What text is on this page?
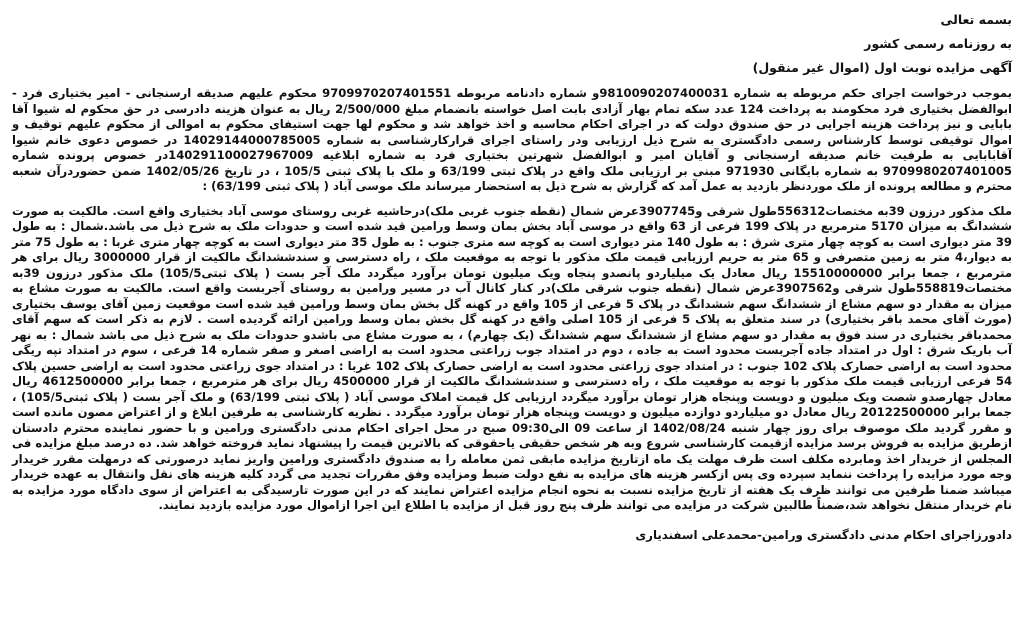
بسمه تعالی
به روزنامه رسمی کشور
آگهی مزایده نوبت اول (اموال غیر منقول)
بموجب درخواست اجرای حکم مربوطه به شماره 9810090207400031و شماره دادنامه مربوطه 9709970207401551 محکوم علیهم صدیقه ارسنجانی - امیر بختیاری فرد - ابوالفضل بختیاری فرد محکومند به پرداخت 124 عدد سکه تمام بهار آزادی بابت اصل خواسته بانضمام مبلغ 2/500/000 ریال به عنوان هزینه دادرسی در حق محکوم له شیوا آقا بابایی و نیز پرداخت هزینه اجرایی در حق صندوق دولت که در اجرای احکام محاسبه و اخذ خواهد شد و محکوم لها جهت استیفای محکوم به اموالی از محکوم علیهم توقیف و اموال توقیفی توسط کارشناس رسمی دادگستری به شرح ذیل ارزیابی ودر راستای اجرای قرارکارشناسی به شماره 14029144000785005 در خصوص دعوی خانم شیوا آقابابایی به طرفیت خانم صدیقه ارسنجانی و آقایان امیر و ابوالفضل شهرتین بختیاری فرد به شماره ابلاغیه 140291100027967009در خصوص پرونده شماره 9709980207401005 به شماره بایگانی 971930 مبنی بر ارزیابی ملک واقع در پلاک ثبتی 63/199 و ملک با پلاک ثبتی 105/5 ، در تاریخ 1402/05/26 ضمن حضوردرآن شعبه محترم و مطالعه پرونده از ملک موردنظر بازدید به عمل آمد که گزارش به شرح ذیل به استحضار میرساند ملک موسی آباد ( پلاک ثبتی 63/199) :
ملک مذکور درزون 39به مختصات556312طول شرقی و3907745عرض شمال (نقطه جنوب غربی ملک)درحاشیه غربی روستای موسی آباد بختیاری واقع است. مالکیت به صورت ششدانگ به میزان 5170 مترمربع در پلاک 199 فرعی از 63 واقع در موسی آباد بخش بمان وسط ورامین قید شده است و حدودات ملک به شرح ذیل می باشد.شمال : به طول 39 متر دیواری است به کوچه چهار متری شرق : به طول 140 متر دیواری است به کوچه سه متری جنوب : به طول 35 متر دیواری است به کوچه چهار متری غربا : به طول 75 متر به دیوار،4 متر به زمین متصرفی و 65 متر به حریم ارزیابی قیمت ملک مذکور با توجه به موقعیت ملک ، راه دسترسی و سندششدانگ مالکیت از قرار 3000000 ریال برای هر مترمربع ، جمعا برابر 15510000000 ریال معادل یک میلیاردو پانصدو پنجاه ویک میلیون تومان برآورد میگردد ملک آجر بست ( پلاک ثبتی105/5) ملک مذکور درزون 39به مختصات558819طول شرقی و3907562عرض شمال (نقطه جنوب شرقی ملک)در کنار کانال آب در مسیر ورامین به روستای آجربست واقع است. مالکیت به صورت مشاع به میزان به مقدار دو سهم مشاع از ششدانگ سهم ششدانگ در پلاک 5 فرعی از 105 واقع در کهنه گل بخش بمان وسط ورامین قید شده است موقعیت زمین آقای یوسف بختیاری (مورث آقای محمد باقر بختیاری) در سند متعلق به پلاک 5 فرعی از 105 اصلی واقع در کهنه گل بخش بمان وسط ورامین ارائه گردیده است . لازم به ذکر است که سهم آقای محمدباقر بختیاری در سند فوق به مقدار دو سهم مشاع از ششدانگ سهم ششدانگ (یک چهارم) ، به صورت مشاع می باشدو حدودات ملک به شرح ذیل می باشد شمال : به نهر آب باریک شرق : اول در امتداد جاده آجربست محدود است به جاده ، دوم در امتداد جوب زراعتی محدود است به اراضی اصغر و صفر شماره 14 فرعی ، سوم در امتداد تپه ریگی محدود است به اراضی حصارک پلاک 102 جنوب : در امتداد جوی زراعتی محدود است به اراضی حصارک پلاک 102 غربا : در امتداد جوی زراعتی محدود است به اراضی حسین پلاک 54 فرعی ارزیابی قیمت ملک مذکور با توجه به موقعیت ملک ، راه دسترسی و سندششدانگ مالکیت از قرار 4500000 ریال برای هر مترمربع ، جمعا برابر 4612500000 ریال معادل چهارصدو شصت ویک میلیون و دویست وپنجاه هزار تومان برآورد میگردد ارزیابی کل قیمت املاک موسی آباد ( پلاک ثبتی 63/199) و ملک آجر بست ( پلاک ثبتی105/5) ، جمعا برابر 20122500000 ریال معادل دو میلیاردو دوازده میلیون و دویست وپنجاه هزار تومان برآورد میگردد . نظریه کارشناسی به طرفین ابلاغ و از اعتراض مصون مانده است و مقرر گردید ملک موصوف برای روز چهار شنبه 1402/08/24 از ساعت 09 الی09:30 صبح در محل اجرای احکام مدنی دادگستری ورامین و با حضور نماینده محترم دادستان ازطریق مزایده به فروش برسد مزایده ازقیمت کارشناسی شروع وبه هر شخص حقیقی یاحقوقی که بالاترین قیمت را پیشنهاد نماید فروخته خواهد شد. ده درصد مبلغ مزایده فی المجلس از خریدار اخذ ومابرده مکلف است ظرف مهلت یک ماه ازتاریخ مزایده مابقی ثمن معامله را به صندوق دادگستری ورامین واریز نماید درصورتی که درمهلت مقرر خریدار وجه مورد مزایده را پرداخت ننماید سپرده وی پس ازکسر هزینه های مزایده به نفع دولت ضبط ومزایده وفق مقررات تجدید می گردد کلیه هزینه های نقل وانتقال به عهده خریدار میباشد ضمنا طرفین می توانند ظرف یک هفته از تاریخ مزایده نسبت به نحوه انجام مزایده اعتراض نمایند که در این صورت تارسیدگی به اعتراض از سوی دادگاه مورد مزایده به نام خریدار منتقل نخواهد شد،ضمناً طالبین شرکت در مزایده می توانند ظرف پنج روز قبل از مزایده با اطلاع این اجرا ازاموال مورد مزایده بازدید نمایند.
دادورزاجرای احکام مدنی دادگستری ورامین-محمدعلی اسفندیاری
